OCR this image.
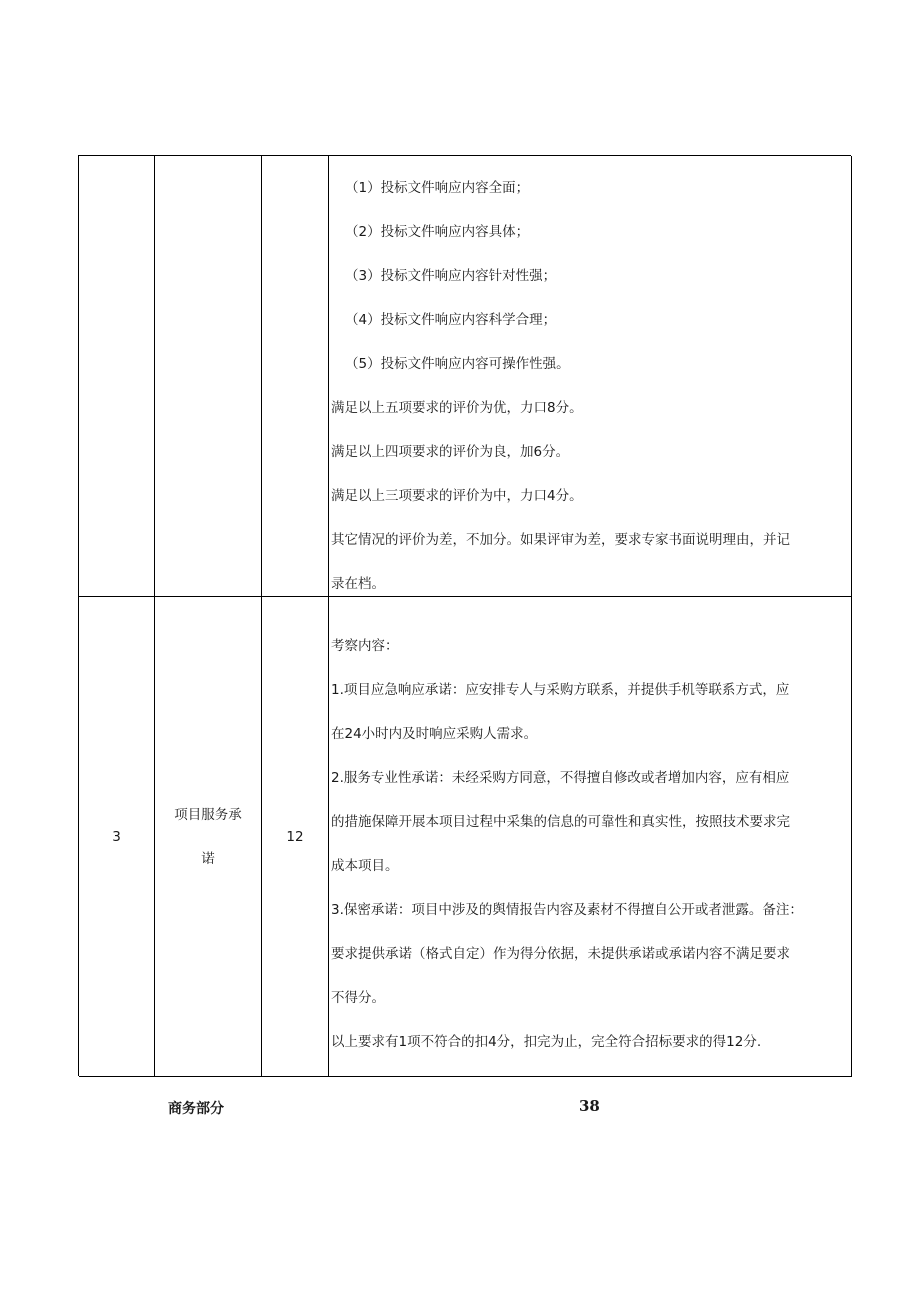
（1）投标文件响应内容全面；
（2）投标文件响应内容具体；
（3）投标文件响应内容针对性强；
（4）投标文件响应内容科学合理；
（5）投标文件响应内容可操作性强。
满足以上五项要求的评价为优，力口8分。
满足以上四项要求的评价为良，加6分。
满足以上三项要求的评价为中，力口4分。
其它情况的评价为差，不加分。如果评审为差，要求专家书面说明理由，并记
录在档。
3
项目服务承
诺
12
考察内容：
1.项目应急响应承诺：应安排专人与采购方联系，并提供手机等联系方式，应
在24小时内及时响应采购人需求。
2.服务专业性承诺：未经采购方同意，不得擅自修改或者增加内容，应有相应
的措施保障开展本项目过程中采集的信息的可靠性和真实性，按照技术要求完
成本项目。
3.保密承诺：项目中涉及的舆情报告内容及素材不得擅自公开或者泄露。备注：
要求提供承诺（格式自定）作为得分依据，未提供承诺或承诺内容不满足要求
不得分。
以上要求有1项不符合的扣4分，扣完为止，完全符合招标要求的得12分.
商务部分	38
